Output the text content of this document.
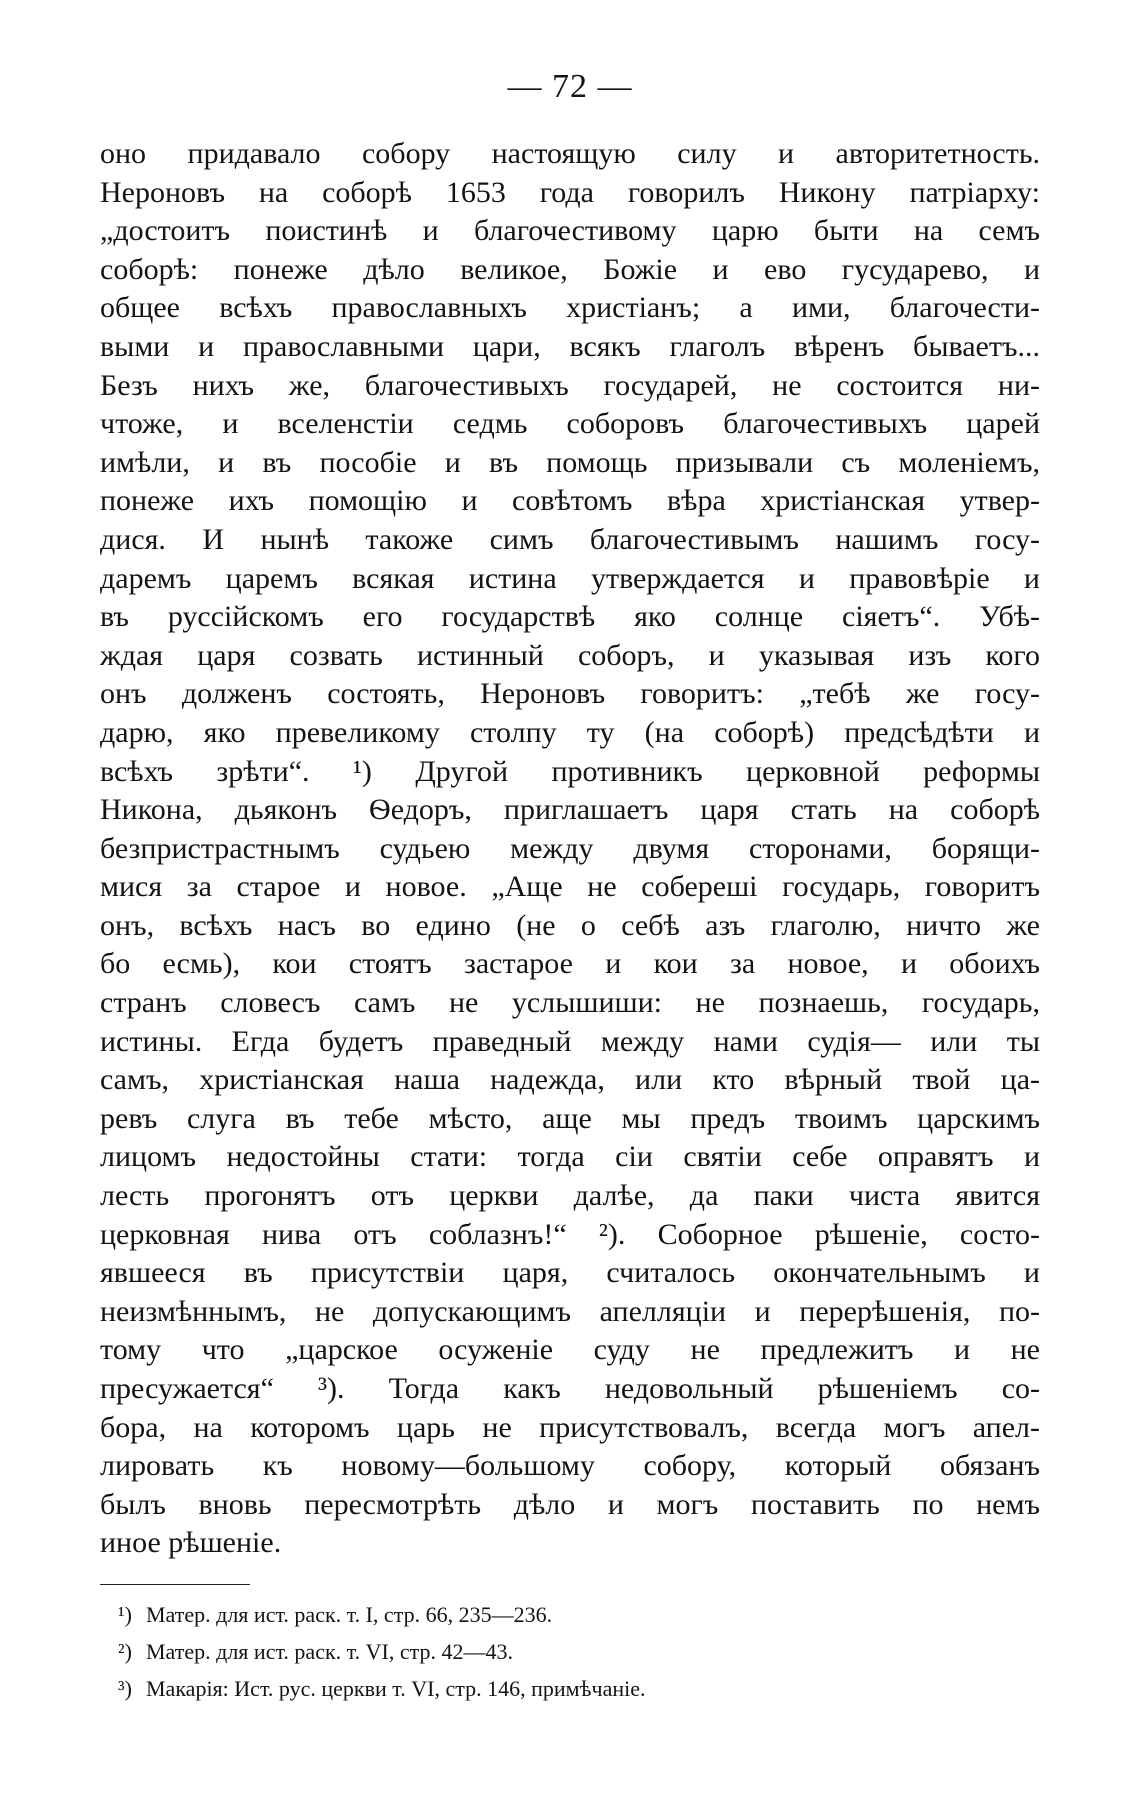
— 72 —
оно придавало собору настоящую силу и авторитетность.
Нероновъ на соборѣ 1653 года говорилъ Никону патріарху:
„достоитъ поистинѣ и благочестивому царю быти на семъ
соборѣ: понеже дѣло великое, Божіе и ево гусударево, и
общее всѣхъ православныхъ христіанъ; а ими, благочести-
выми и православными цари, всякъ глаголъ вѣренъ бываетъ...
Безъ нихъ же, благочестивыхъ государей, не состоится ни-
чтоже, и вселенстіи седмь соборовъ благочестивыхъ царей
имѣли, и въ пособіе и въ помощь призывали съ моленіемъ,
понеже ихъ помощію и совѣтомъ вѣра христіанская утвер-
дися. И нынѣ такоже симъ благочестивымъ нашимъ госу-
даремъ царемъ всякая истина утверждается и правовѣріе и
въ руссійскомъ его государствѣ яко солнце сіяетъ“. Убѣ-
ждая царя созвать истинный соборъ, и указывая изъ кого
онъ долженъ состоять, Нероновъ говоритъ: „тебѣ же госу-
дарю, яко превеликому столпу ту (на соборѣ) предсѣдѣти и
всѣхъ зрѣти“. ¹) Другой противникъ церковной реформы
Никона, дьяконъ Ѳедоръ, приглашаетъ царя стать на соборѣ
безпристрастнымъ судьею между двумя сторонами, борящи-
мися за старое и новое. „Аще не соберешi государь, говоритъ
онъ, всѣхъ насъ во едино (не о себѣ азъ глаголю, ничто же
бо есмь), кои стоятъ застарое и кои за новое, и обоихъ
странъ словесъ самъ не услышиши: не познаешь, государь,
истины. Егда будетъ праведный между нами судія— или ты
самъ, христіанская наша надежда, или кто вѣрный твой ца-
ревъ слуга въ тебе мѣсто, аще мы предъ твоимъ царскимъ
лицомъ недостойны стати: тогда сіи святіи себе оправятъ и
лесть прогонятъ отъ церкви далѣе, да паки чиста явится
церковная нива отъ соблазнъ!“ ²). Соборное рѣшеніе, состо-
явшееся въ присутствіи царя, считалось окончательнымъ и
неизмѣннымъ, не допускающимъ апелляціи и перерѣшенія, по-
тому что „царское осуженіе суду не предлежитъ и не
пресужается“ ³). Тогда какъ недовольный рѣшеніемъ со-
бора, на которомъ царь не присутствовалъ, всегда могъ апел-
лировать къ новому—большому собору, который обязанъ
былъ вновь пересмотрѣть дѣло и могъ поставить по немъ
иное рѣшеніе.
¹) Матер. для ист. раск. т. I, стр. 66, 235—236.
²) Матер. для ист. раск. т. VI, стр. 42—43.
³) Макарія: Ист. рус. церкви т. VI, стр. 146, примѣчаніе.
